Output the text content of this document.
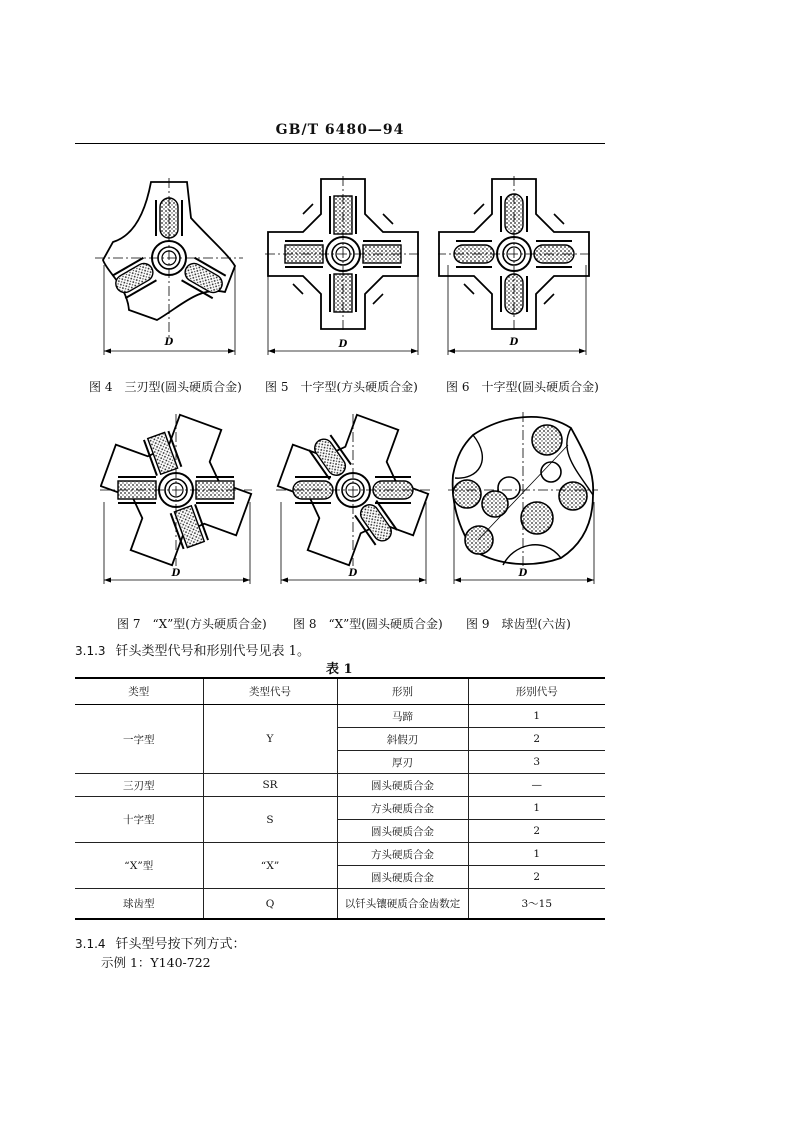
GB/T 6480—94
D	D	D
图 4　三刃型(圆头硬质合金) 图 5　十字型(方头硬质合金) 图 6　十字型(圆头硬质合金)
D	D	D
图 7　“X”型(方头硬质合金) 图 8　“X”型(圆头硬质合金) 图 9　球齿型(六齿)
3.1.3 钎头类型代号和形别代号见表 1。
表 1
类型	类型代号	形别	形别代号
一字型	Y	马蹄	1
		斜假刃	2
		厚刃	3
三刃型	SR	圆头硬质合金	—
十字型	S	方头硬质合金	1
		圆头硬质合金	2
“X”型	“X”	方头硬质合金	1
		圆头硬质合金	2
球齿型	Q	以钎头镶硬质合金齿数定	3～15
3.1.4 钎头型号按下列方式：
示例 1：Y140-722
